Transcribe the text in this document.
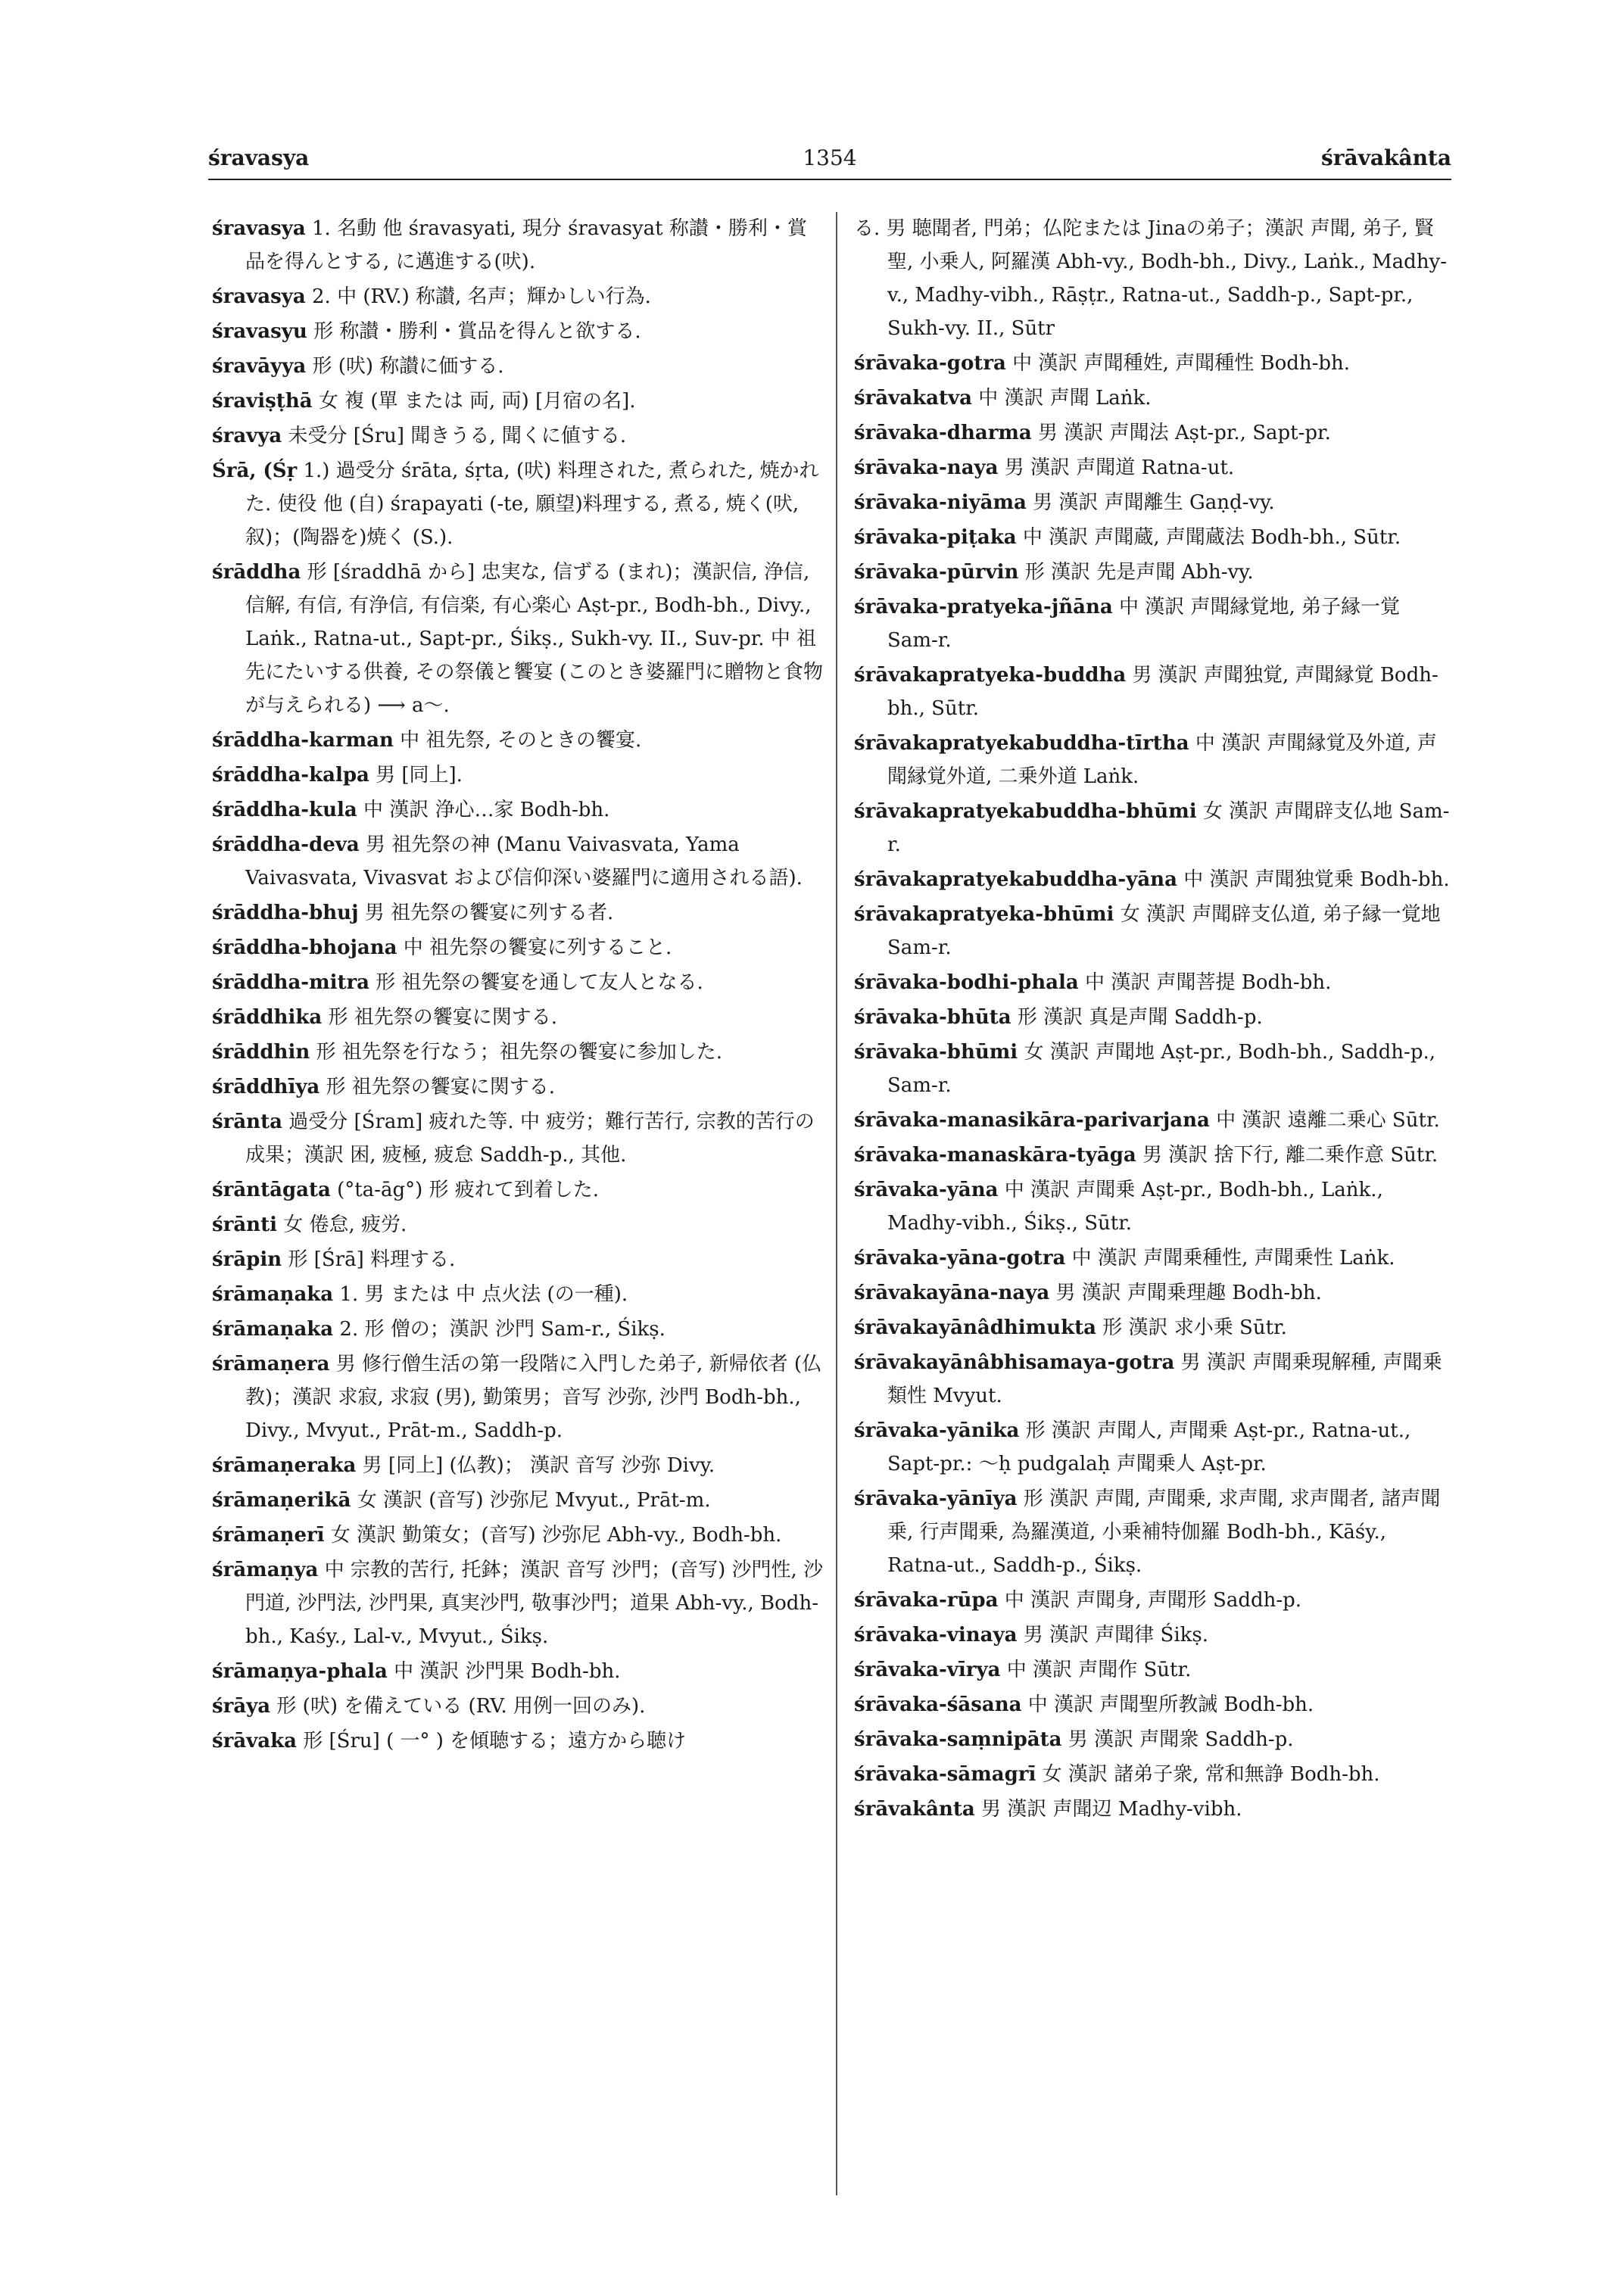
śravasya	1354	śrāvakânta

śravasya 1. 名動 他 śravasyati, 現分 śravasyat 称讃・勝利・賞品を得んとする, に邁進する(吠).

śravasya 2. 中 (RV.) 称讃, 名声；輝かしい行為.

śravasyu 形 称讃・勝利・賞品を得んと欲する.

śravāyya 形 (吠) 称讃に価する.

śraviṣṭhā 女 複 (單 または 両, 両) [月宿の名].

śravya 未受分 [Śru] 聞きうる, 聞くに値する.

Śrā, (Śṛ 1.) 過受分 śrāta, śṛta, (吠) 料理された, 煮られた, 焼かれた. 使役 他 (自) śrapayati (-te, 願望)料理する, 煮る, 焼く(吠, 叙)；(陶器を)焼く (S.).

śrāddha 形 [śraddhā から] 忠実な, 信ずる (まれ)；漢訳信, 浄信, 信解, 有信, 有浄信, 有信楽, 有心楽心 Aṣt-pr., Bodh-bh., Divy., Laṅk., Ratna-ut., Sapt-pr., Śikṣ., Sukh-vy. II., Suv-pr. 中 祖先にたいする供養, その祭儀と饗宴 (このとき婆羅門に贈物と食物が与えられる) ⟶ a〜.

śrāddha-karman 中 祖先祭, そのときの饗宴.

śrāddha-kalpa 男 [同上].

śrāddha-kula 中 漢訳 浄心…家 Bodh-bh.

śrāddha-deva 男 祖先祭の神 (Manu Vaivasvata, Yama Vaivasvata, Vivasvat および信仰深い婆羅門に適用される語).

śrāddha-bhuj 男 祖先祭の饗宴に列する者.

śrāddha-bhojana 中 祖先祭の饗宴に列すること.

śrāddha-mitra 形 祖先祭の饗宴を通して友人となる.

śrāddhika 形 祖先祭の饗宴に関する.

śrāddhin 形 祖先祭を行なう；祖先祭の饗宴に参加した.

śrāddhīya 形 祖先祭の饗宴に関する.

śrānta 過受分 [Śram] 疲れた等. 中 疲労；難行苦行, 宗教的苦行の成果；漢訳 困, 疲極, 疲怠 Saddh-p., 其他.

śrāntāgata (°ta-āg°) 形 疲れて到着した.

śrānti 女 倦怠, 疲労.

śrāpin 形 [Śrā] 料理する.

śrāmaṇaka 1. 男 または 中 点火法 (の一種).

śrāmaṇaka 2. 形 僧の；漢訳 沙門 Sam-r., Śikṣ.

śrāmaṇera 男 修行僧生活の第一段階に入門した弟子, 新帰依者 (仏教)；漢訳 求寂, 求寂 (男), 勤策男；音写 沙弥, 沙門 Bodh-bh., Divy., Mvyut., Prāt-m., Saddh-p.

śrāmaṇeraka 男 [同上] (仏教)； 漢訳 音写 沙弥 Divy.

śrāmaṇerikā 女 漢訳 (音写) 沙弥尼 Mvyut., Prāt-m.

śrāmaṇerī 女 漢訳 勤策女；(音写) 沙弥尼 Abh-vy., Bodh-bh.

śrāmaṇya 中 宗教的苦行, 托鉢；漢訳 音写 沙門；(音写) 沙門性, 沙門道, 沙門法, 沙門果, 真実沙門, 敬事沙門；道果 Abh-vy., Bodh-bh., Kaśy., Lal-v., Mvyut., Śikṣ.

śrāmaṇya-phala 中 漢訳 沙門果 Bodh-bh.

śrāya 形 (吠) を備えている (RV. 用例一回のみ).

śrāvaka 形 [Śru] ( 一° ) を傾聴する；遠方から聴け

る. 男 聴聞者, 門弟；仏陀または Jinaの弟子；漢訳 声聞, 弟子, 賢聖, 小乗人, 阿羅漢 Abh-vy., Bodh-bh., Divy., Laṅk., Madhy-v., Madhy-vibh., Rāṣṭr., Ratna-ut., Saddh-p., Sapt-pr., Sukh-vy. II., Sūtr

śrāvaka-gotra 中 漢訳 声聞種姓, 声聞種性 Bodh-bh.

śrāvakatva 中 漢訳 声聞 Laṅk.

śrāvaka-dharma 男 漢訳 声聞法 Aṣt-pr., Sapt-pr.

śrāvaka-naya 男 漢訳 声聞道 Ratna-ut.

śrāvaka-niyāma 男 漢訳 声聞離生 Gaṇḍ-vy.

śrāvaka-piṭaka 中 漢訳 声聞蔵, 声聞蔵法 Bodh-bh., Sūtr.

śrāvaka-pūrvin 形 漢訳 先是声聞 Abh-vy.

śrāvaka-pratyeka-jñāna 中 漢訳 声聞縁覚地, 弟子縁一覚 Sam-r.

śrāvakapratyeka-buddha 男 漢訳 声聞独覚, 声聞縁覚 Bodh-bh., Sūtr.

śrāvakapratyekabuddha-tīrtha 中 漢訳 声聞縁覚及外道, 声聞縁覚外道, 二乗外道 Laṅk.

śrāvakapratyekabuddha-bhūmi 女 漢訳 声聞辟支仏地 Sam-r.

śrāvakapratyekabuddha-yāna 中 漢訳 声聞独覚乗 Bodh-bh.

śrāvakapratyeka-bhūmi 女 漢訳 声聞辟支仏道, 弟子縁一覚地 Sam-r.

śrāvaka-bodhi-phala 中 漢訳 声聞菩提 Bodh-bh.

śrāvaka-bhūta 形 漢訳 真是声聞 Saddh-p.

śrāvaka-bhūmi 女 漢訳 声聞地 Aṣt-pr., Bodh-bh., Saddh-p., Sam-r.

śrāvaka-manasikāra-parivarjana 中 漢訳 遠離二乗心 Sūtr.

śrāvaka-manaskāra-tyāga 男 漢訳 捨下行, 離二乗作意 Sūtr.

śrāvaka-yāna 中 漢訳 声聞乗 Aṣt-pr., Bodh-bh., Laṅk., Madhy-vibh., Śikṣ., Sūtr.

śrāvaka-yāna-gotra 中 漢訳 声聞乗種性, 声聞乗性 Laṅk.

śrāvakayāna-naya 男 漢訳 声聞乗理趣 Bodh-bh.

śrāvakayānâdhimukta 形 漢訳 求小乗 Sūtr.

śrāvakayānâbhisamaya-gotra 男 漢訳 声聞乗現解種, 声聞乗類性 Mvyut.

śrāvaka-yānika 形 漢訳 声聞人, 声聞乗 Aṣt-pr., Ratna-ut., Sapt-pr.: 〜ḥ pudgalaḥ 声聞乗人 Aṣt-pr.

śrāvaka-yānīya 形 漢訳 声聞, 声聞乗, 求声聞, 求声聞者, 諸声聞乗, 行声聞乗, 為羅漢道, 小乗補特伽羅 Bodh-bh., Kāśy., Ratna-ut., Saddh-p., Śikṣ.

śrāvaka-rūpa 中 漢訳 声聞身, 声聞形 Saddh-p.

śrāvaka-vinaya 男 漢訳 声聞律 Śikṣ.

śrāvaka-vīrya 中 漢訳 声聞作 Sūtr.

śrāvaka-śāsana 中 漢訳 声聞聖所教誡 Bodh-bh.

śrāvaka-saṃnipāta 男 漢訳 声聞衆 Saddh-p.

śrāvaka-sāmagrī 女 漢訳 諸弟子衆, 常和無諍 Bodh-bh.

śrāvakânta 男 漢訳 声聞辺 Madhy-vibh.
